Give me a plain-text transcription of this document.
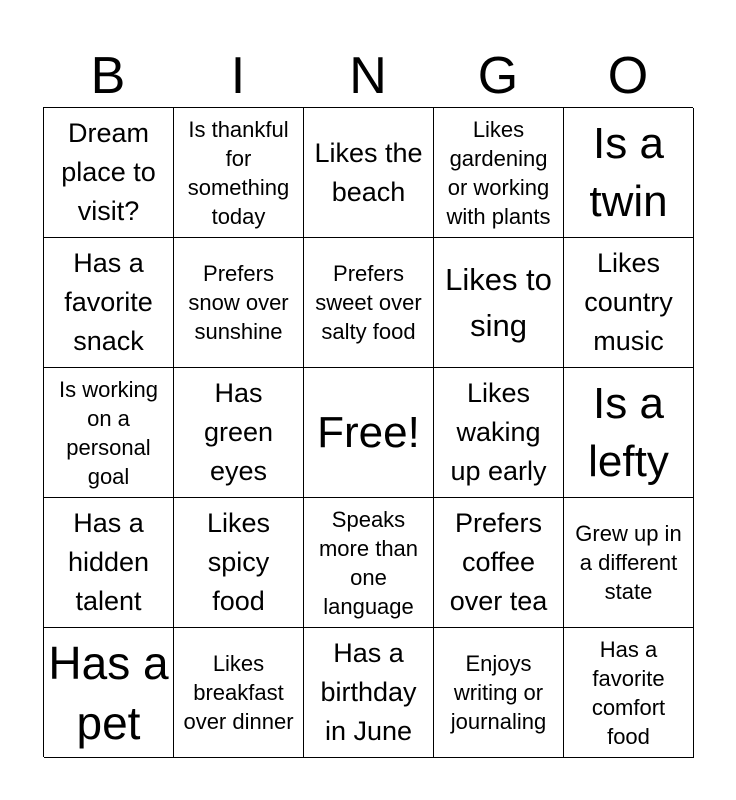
B	I	N	G	O
Dream place to visit?
Is thankful for something today
Likes the beach
Likes gardening or working with plants
Is a twin
Has a favorite snack
Prefers snow over sunshine
Prefers sweet over salty food
Likes to sing
Likes country music
Is working on a personal goal
Has green eyes
Free!
Likes waking up early
Is a lefty
Has a hidden talent
Likes spicy food
Speaks more than one language
Prefers coffee over tea
Grew up in a different state
Has a pet
Likes breakfast over dinner
Has a birthday in June
Enjoys writing or journaling
Has a favorite comfort food
